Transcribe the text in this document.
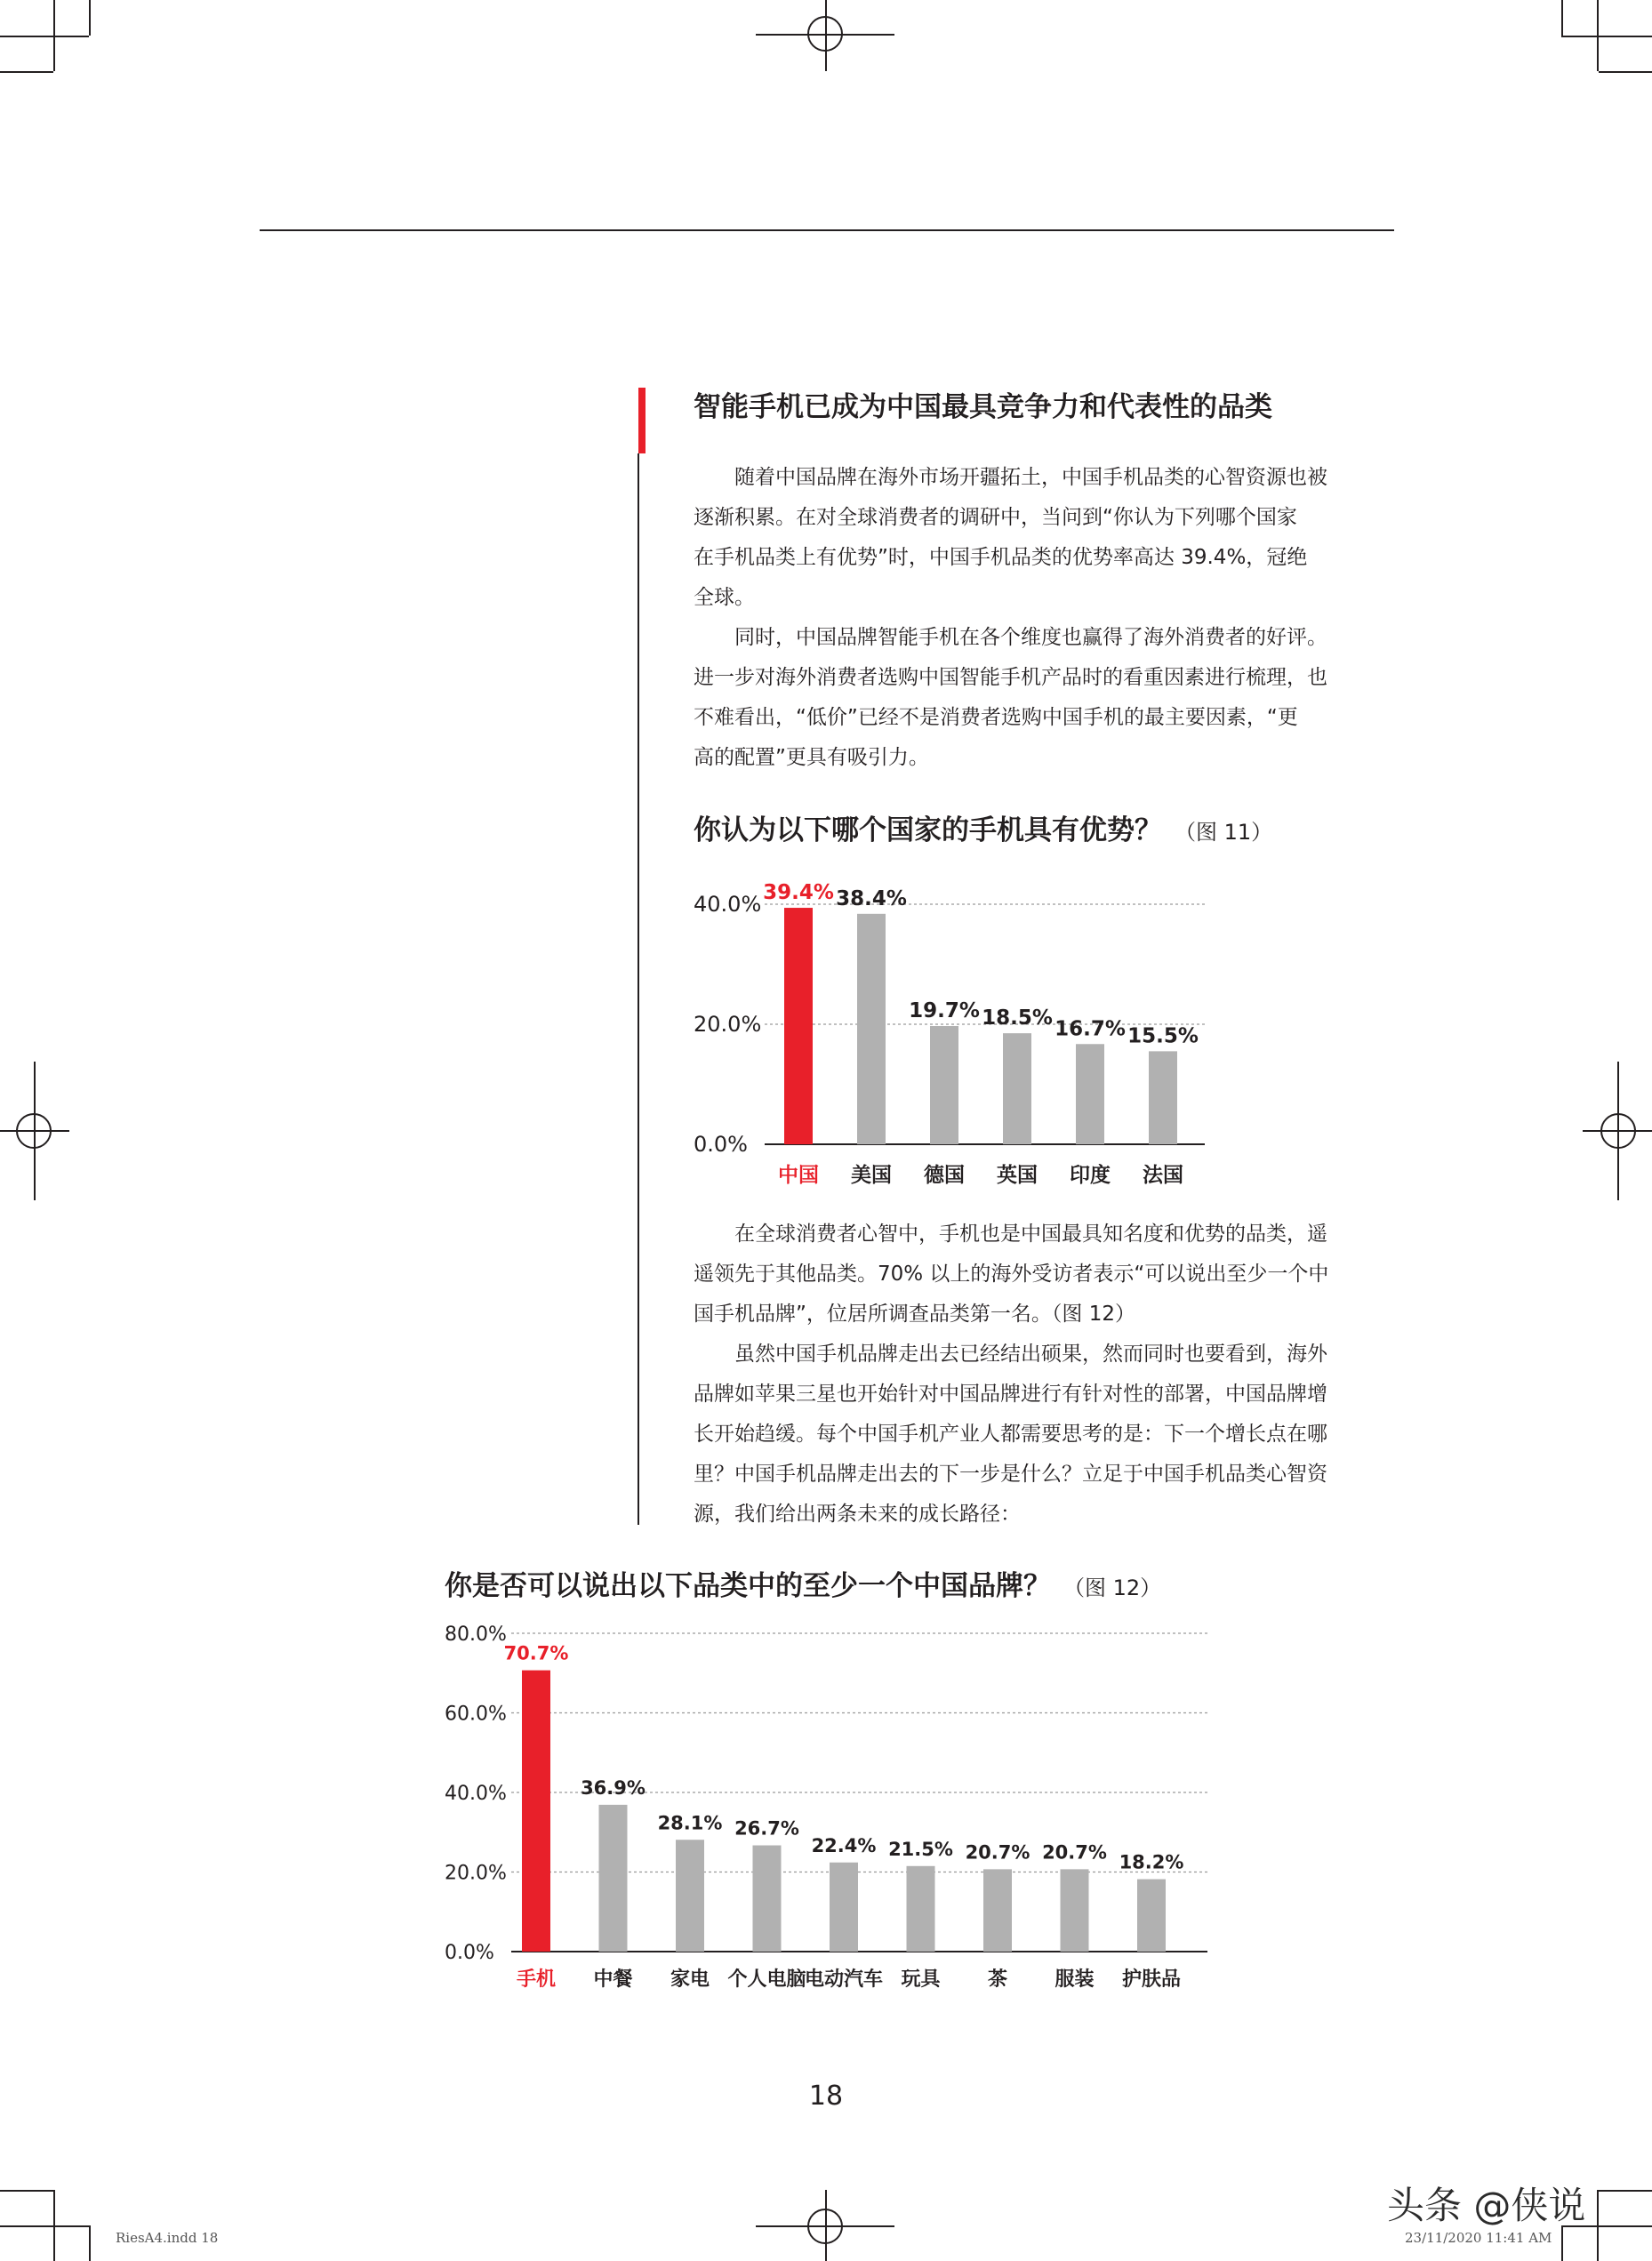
智能手机已成为中国最具竞争力和代表性的品类
随着中国品牌在海外市场开疆拓土，中国手机品类的心智资源也被
逐渐积累。在对全球消费者的调研中，当问到“你认为下列哪个国家
在手机品类上有优势”时，中国手机品类的优势率高达 39.4%，冠绝
全球。
同时，中国品牌智能手机在各个维度也赢得了海外消费者的好评。
进一步对海外消费者选购中国智能手机产品时的看重因素进行梳理，也
不难看出，“低价”已经不是消费者选购中国手机的最主要因素，“更
高的配置”更具有吸引力。
你认为以下哪个国家的手机具有优势？ （图 11）
0.0%
20.0%
40.0% 39.4%
中国
38.4%
美国
19.7%
德国
18.5%
英国
16.7%
印度
15.5%
法国
在全球消费者心智中，手机也是中国最具知名度和优势的品类，遥
遥领先于其他品类。70% 以上的海外受访者表示“可以说出至少一个中
国手机品牌”，位居所调查品类第一名。（图 12）
虽然中国手机品牌走出去已经结出硕果，然而同时也要看到，海外
品牌如苹果三星也开始针对中国品牌进行有针对性的部署，中国品牌增
长开始趋缓。每个中国手机产业人都需要思考的是：下一个增长点在哪
里？中国手机品牌走出去的下一步是什么？立足于中国手机品类心智资
源，我们给出两条未来的成长路径：
你是否可以说出以下品类中的至少一个中国品牌？ （图 12）
0.0%
20.0%
40.0%
60.0%
80.0%
70.7%
手机
36.9%
中餐
28.1%
家电
26.7%
个人电脑
22.4%
电动汽车
21.5%
玩具
20.7%
茶
20.7%
服装
18.2%
护肤品
18
RiesA4.indd 18	23/11/2020 11:41 AM
头条 @侠说
